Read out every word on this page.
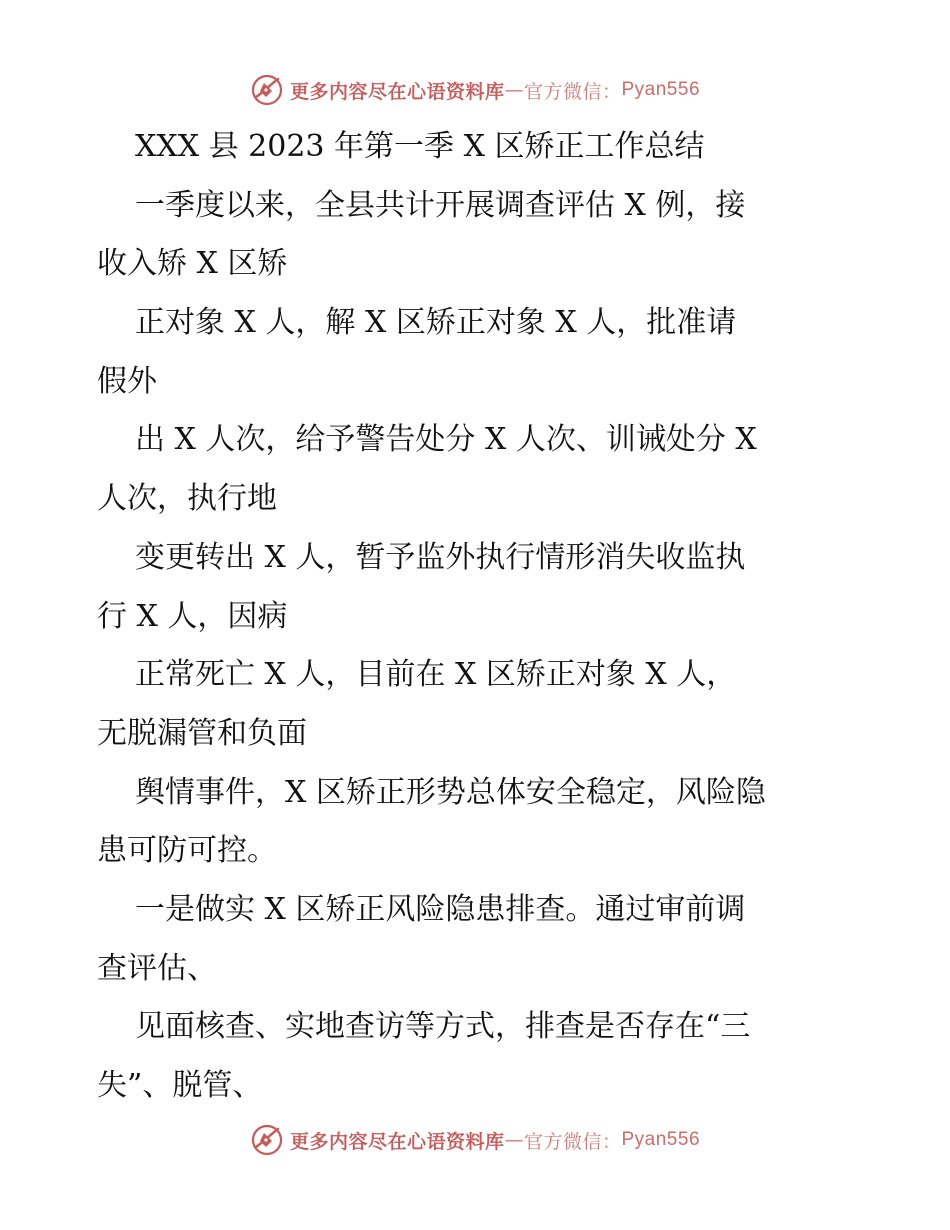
更多内容尽在心语资料库 — 官方微信： Pyan556
XXX 县 2023 年第一季 X 区矫正工作总结
一季度以来，全县共计开展调查评估 X 例，接
收入矫 X 区矫
正对象 X 人，解 X 区矫正对象 X 人，批准请
假外
出 X 人次，给予警告处分 X 人次、训诫处分 X
人次，执行地
变更转出 X 人，暂予监外执行情形消失收监执
行 X 人，因病
正常死亡 X 人，目前在 X 区矫正对象 X 人，
无脱漏管和负面
舆情事件，X 区矫正形势总体安全稳定，风险隐
患可防可控。
一是做实 X 区矫正风险隐患排查。通过审前调
查评估、
见面核查、实地查访等方式，排查是否存在“三
失”、脱管、
更多内容尽在心语资料库 — 官方微信： Pyan556
